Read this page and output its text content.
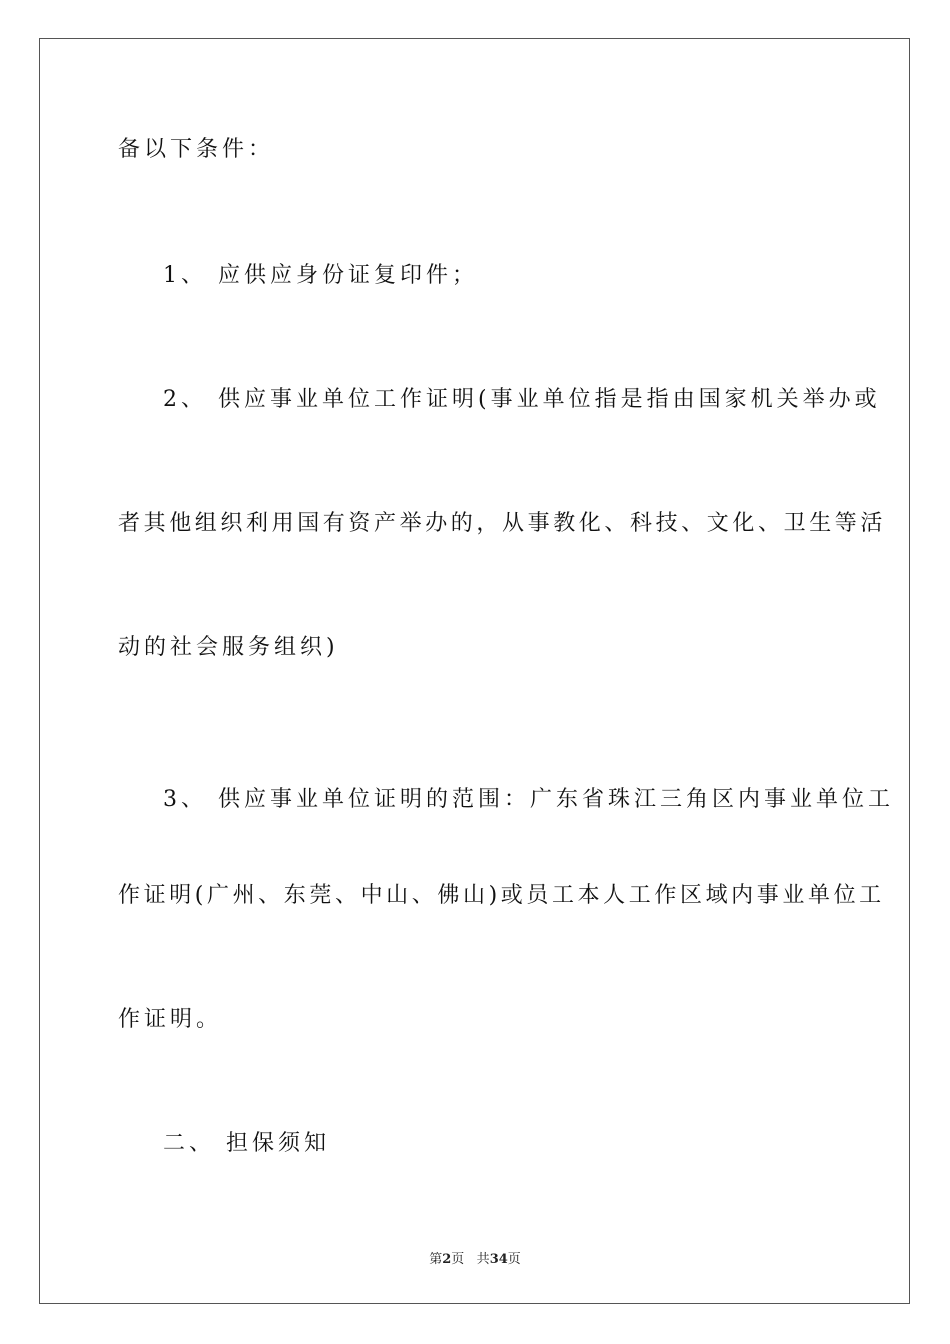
备以下条件：
1、 应供应身份证复印件；
2、 供应事业单位工作证明(事业单位指是指由国家机关举办或
者其他组织利用国有资产举办的，从事教化、科技、文化、卫生等活
动的社会服务组织)
3、 供应事业单位证明的范围：广东省珠江三角区内事业单位工
作证明(广州、东莞、中山、佛山)或员工本人工作区域内事业单位工
作证明。
二、 担保须知
第2页 共34页
